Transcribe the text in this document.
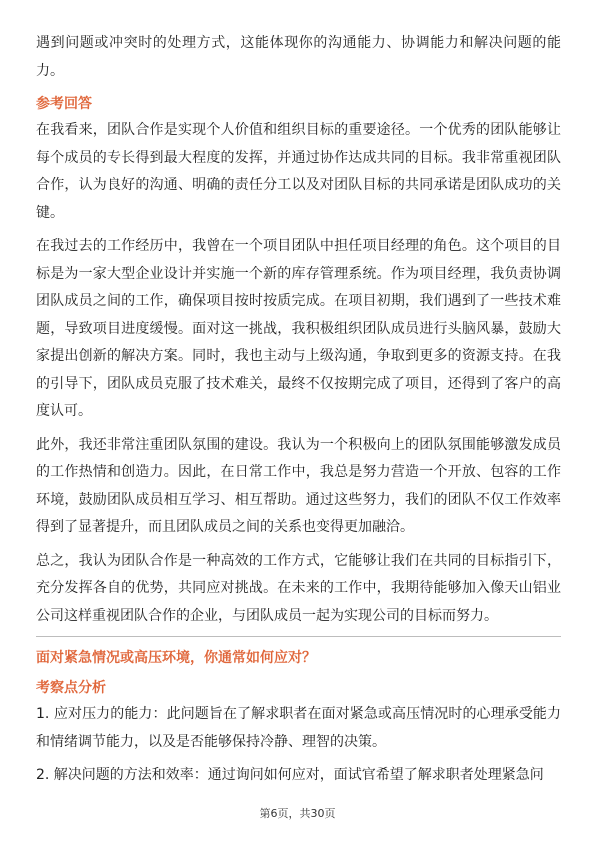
遇到问题或冲突时的处理方式，这能体现你的沟通能力、协调能力和解决问题的能力。

参考回答

在我看来，团队合作是实现个人价值和组织目标的重要途径。一个优秀的团队能够让每个成员的专长得到最大程度的发挥，并通过协作达成共同的目标。我非常重视团队合作，认为良好的沟通、明确的责任分工以及对团队目标的共同承诺是团队成功的关键。

在我过去的工作经历中，我曾在一个项目团队中担任项目经理的角色。这个项目的目标是为一家大型企业设计并实施一个新的库存管理系统。作为项目经理，我负责协调团队成员之间的工作，确保项目按时按质完成。在项目初期，我们遇到了一些技术难题，导致项目进度缓慢。面对这一挑战，我积极组织团队成员进行头脑风暴，鼓励大家提出创新的解决方案。同时，我也主动与上级沟通，争取到更多的资源支持。在我的引导下，团队成员克服了技术难关，最终不仅按期完成了项目，还得到了客户的高度认可。

此外，我还非常注重团队氛围的建设。我认为一个积极向上的团队氛围能够激发成员的工作热情和创造力。因此，在日常工作中，我总是努力营造一个开放、包容的工作环境，鼓励团队成员相互学习、相互帮助。通过这些努力，我们的团队不仅工作效率得到了显著提升，而且团队成员之间的关系也变得更加融洽。

总之，我认为团队合作是一种高效的工作方式，它能够让我们在共同的目标指引下，充分发挥各自的优势，共同应对挑战。在未来的工作中，我期待能够加入像天山铝业公司这样重视团队合作的企业，与团队成员一起为实现公司的目标而努力。

面对紧急情况或高压环境，你通常如何应对？
考察点分析

1. 应对压力的能力：此问题旨在了解求职者在面对紧急或高压情况时的心理承受能力和情绪调节能力，以及是否能够保持冷静、理智的决策。

2. 解决问题的方法和效率：通过询问如何应对，面试官希望了解求职者处理紧急问

第6页，共30页
